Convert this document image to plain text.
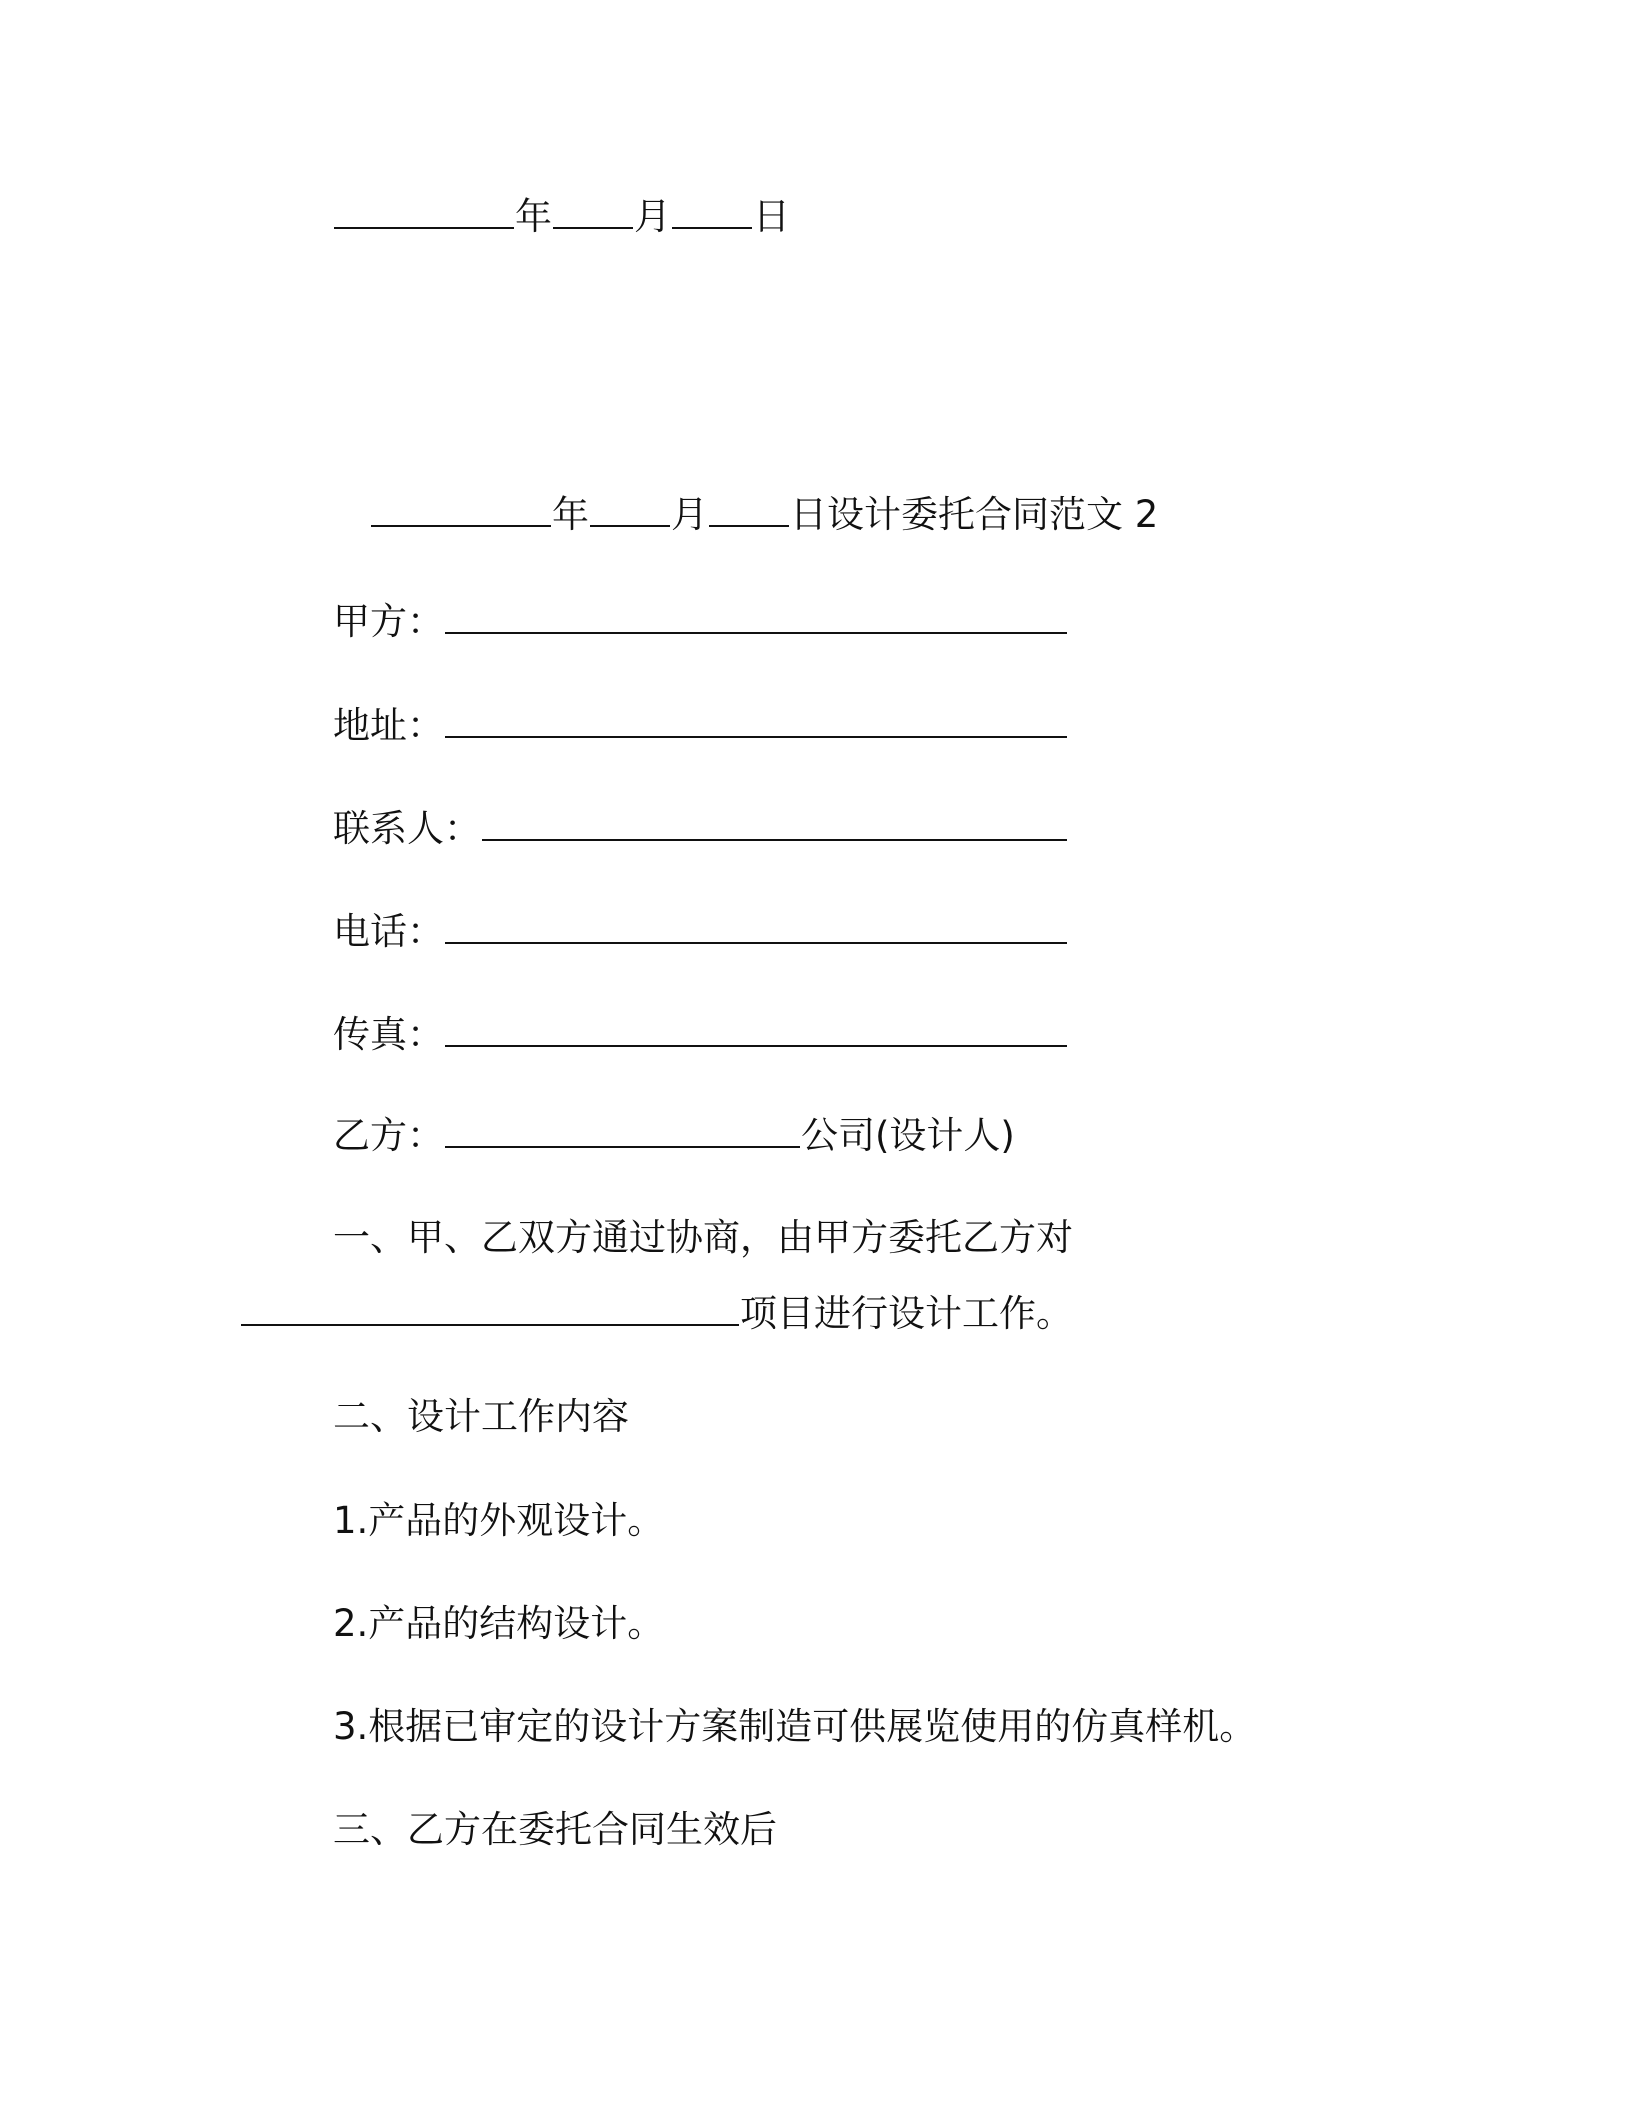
年 月 日
年 月 日设计委托合同范文 2
甲方：
地址：
联系人：
电话：
传真：
乙方：	公司(设计人)
一、甲、乙双方通过协商，由甲方委托乙方对
项目进行设计工作。
二、设计工作内容
1.产品的外观设计。
2.产品的结构设计。
3.根据已审定的设计方案制造可供展览使用的仿真样机。
三、乙方在委托合同生效后
